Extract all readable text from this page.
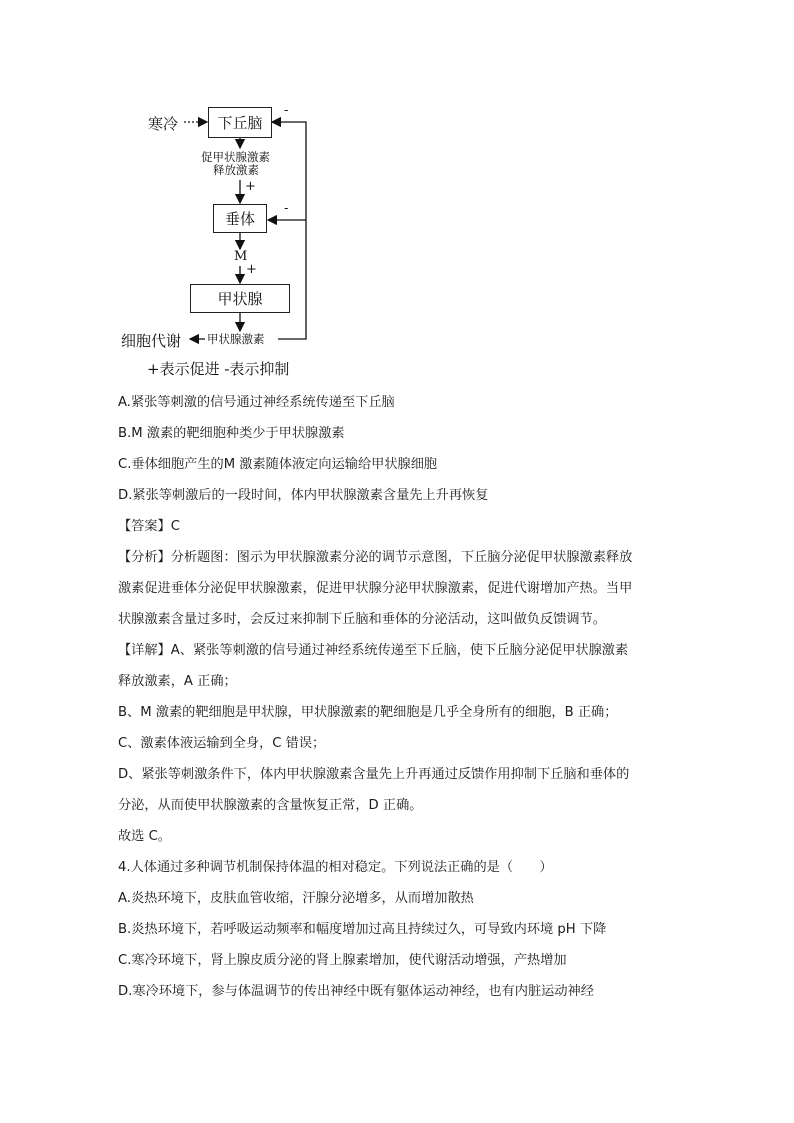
寒冷	下丘脑
-
促甲状腺激素
释放激素
+
垂体
-
M
+
甲状腺
甲状腺激素
细胞代谢
+表示促进 -表示抑制
A.紧张等刺激的信号通过神经系统传递至下丘脑
B.M 激素的靶细胞种类少于甲状腺激素
C.垂体细胞产生的M 激素随体液定向运输给甲状腺细胞
D.紧张等刺激后的一段时间，体内甲状腺激素含量先上升再恢复
【答案】C
【分析】分析题图：图示为甲状腺激素分泌的调节示意图，下丘脑分泌促甲状腺激素释放
激素促进垂体分泌促甲状腺激素，促进甲状腺分泌甲状腺激素，促进代谢增加产热。当甲
状腺激素含量过多时，会反过来抑制下丘脑和垂体的分泌活动，这叫做负反馈调节。
【详解】A、紧张等刺激的信号通过神经系统传递至下丘脑，使下丘脑分泌促甲状腺激素
释放激素，A 正确；
B、M 激素的靶细胞是甲状腺，甲状腺激素的靶细胞是几乎全身所有的细胞，B 正确；
C、激素体液运输到全身，C 错误；
D、紧张等刺激条件下，体内甲状腺激素含量先上升再通过反馈作用抑制下丘脑和垂体的
分泌，从而使甲状腺激素的含量恢复正常，D 正确。
故选 C。
4.人体通过多种调节机制保持体温的相对稳定。下列说法正确的是（　　）
A.炎热环境下，皮肤血管收缩，汗腺分泌增多，从而增加散热
B.炎热环境下，若呼吸运动频率和幅度增加过高且持续过久，可导致内环境 pH 下降
C.寒冷环境下，肾上腺皮质分泌的肾上腺素增加，使代谢活动增强，产热增加
D.寒冷环境下，参与体温调节的传出神经中既有躯体运动神经，也有内脏运动神经
